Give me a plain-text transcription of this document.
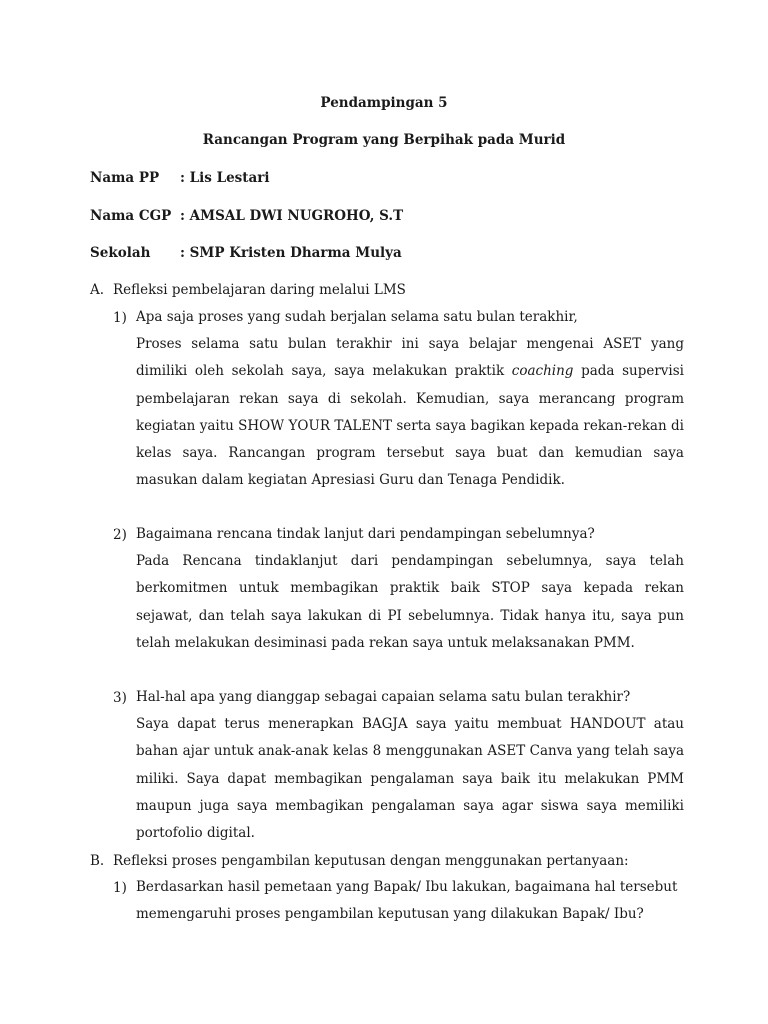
Pendampingan 5
Rancangan Program yang Berpihak pada Murid
Nama PP : Lis Lestari
Nama CGP : AMSAL DWI NUGROHO, S.T
Sekolah : SMP Kristen Dharma Mulya
A. Refleksi pembelajaran daring melalui LMS
1) Apa saja proses yang sudah berjalan selama satu bulan terakhir,

Proses selama satu bulan terakhir ini saya belajar mengenai ASET yang dimiliki oleh sekolah saya, saya melakukan praktik coaching pada supervisi pembelajaran rekan saya di sekolah. Kemudian, saya merancang program kegiatan yaitu SHOW YOUR TALENT serta saya bagikan kepada rekan-rekan di kelas saya. Rancangan program tersebut saya buat dan kemudian saya masukan dalam kegiatan Apresiasi Guru dan Tenaga Pendidik.

2) Bagaimana rencana tindak lanjut dari pendampingan sebelumnya?

Pada Rencana tindaklanjut dari pendampingan sebelumnya, saya telah berkomitmen untuk membagikan praktik baik STOP saya kepada rekan sejawat, dan telah saya lakukan di PI sebelumnya. Tidak hanya itu, saya pun telah melakukan desiminasi pada rekan saya untuk melaksanakan PMM.

3) Hal-hal apa yang dianggap sebagai capaian selama satu bulan terakhir?

Saya dapat terus menerapkan BAGJA saya yaitu membuat HANDOUT atau bahan ajar untuk anak-anak kelas 8 menggunakan ASET Canva yang telah saya miliki. Saya dapat membagikan pengalaman saya baik itu melakukan PMM maupun juga saya membagikan pengalaman saya agar siswa saya memiliki portofolio digital.

B. Refleksi proses pengambilan keputusan dengan menggunakan pertanyaan:
1) Berdasarkan hasil pemetaan yang Bapak/ Ibu lakukan, bagaimana hal tersebut memengaruhi proses pengambilan keputusan yang dilakukan Bapak/ Ibu?
